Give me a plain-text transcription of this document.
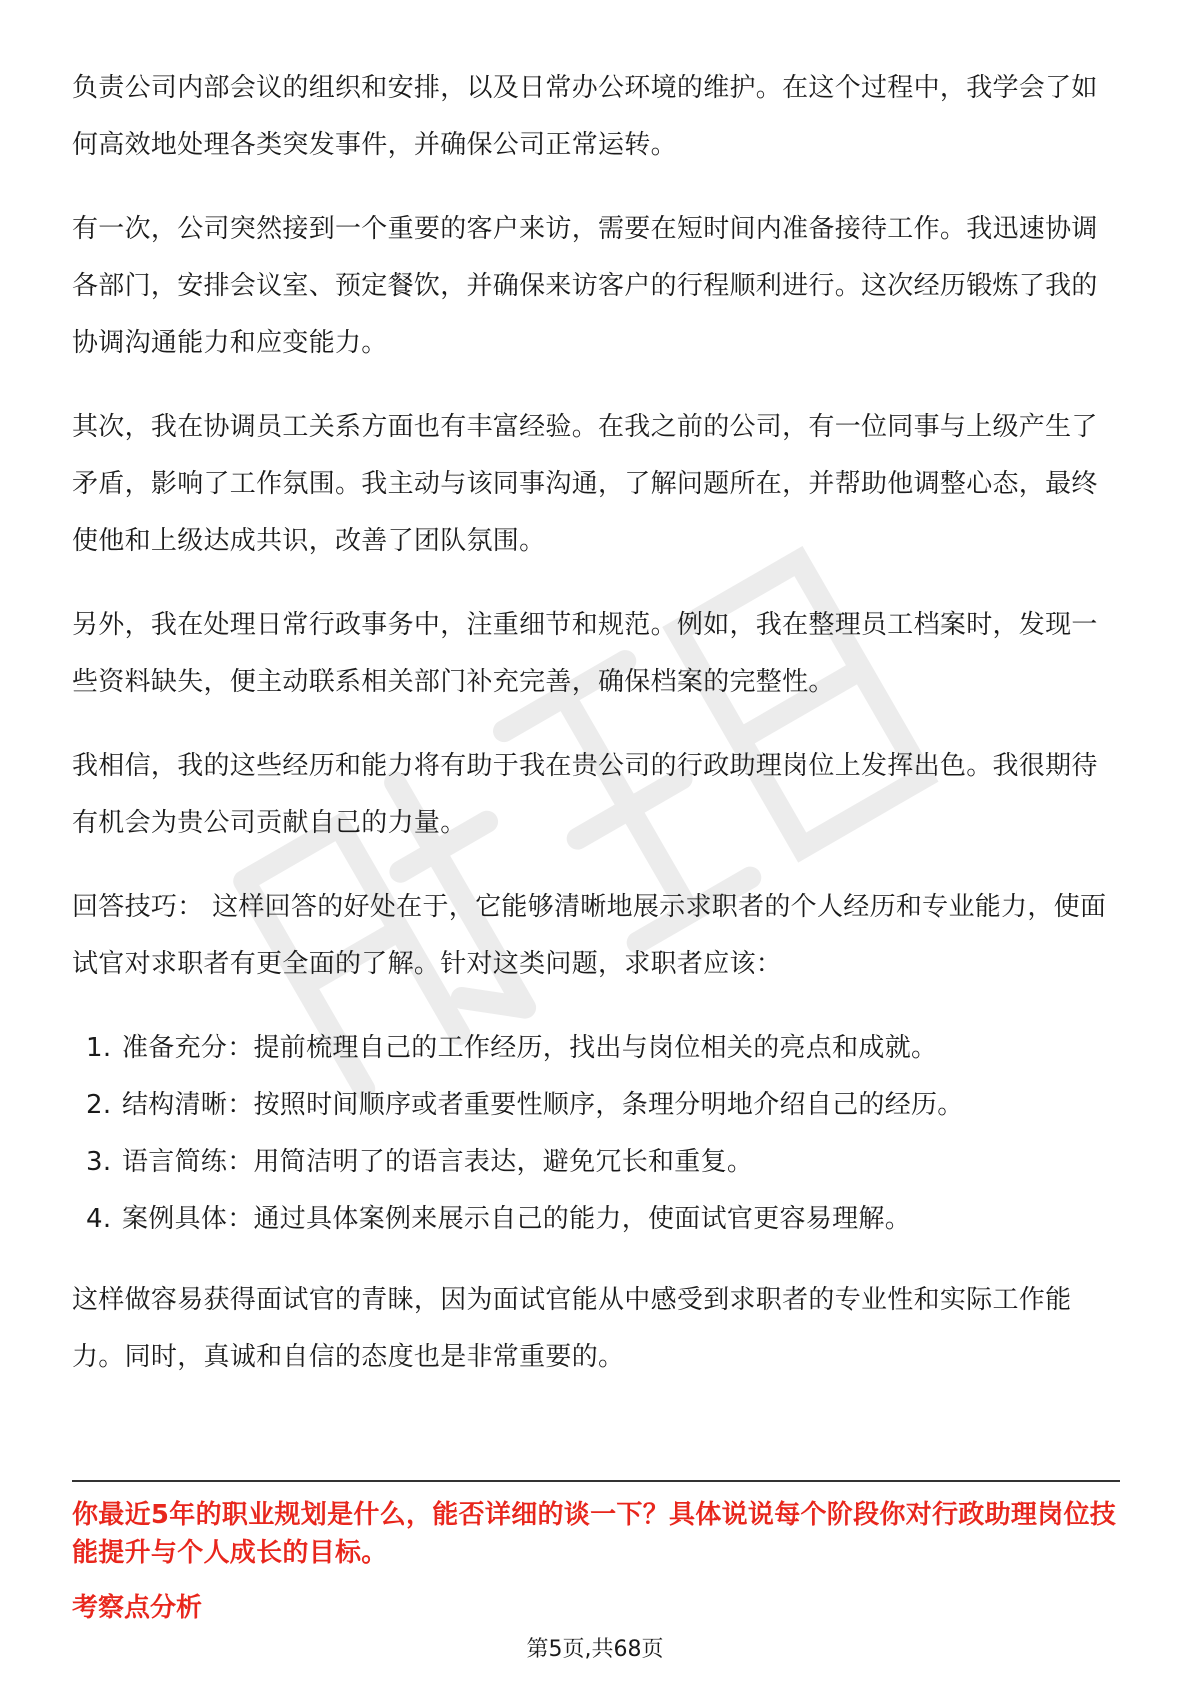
负责公司内部会议的组织和安排，以及日常办公环境的维护。在这个过程中，我学会了如何高效地处理各类突发事件，并确保公司正常运转。

有一次，公司突然接到一个重要的客户来访，需要在短时间内准备接待工作。我迅速协调各部门，安排会议室、预定餐饮，并确保来访客户的行程顺利进行。这次经历锻炼了我的协调沟通能力和应变能力。

其次，我在协调员工关系方面也有丰富经验。在我之前的公司，有一位同事与上级产生了矛盾，影响了工作氛围。我主动与该同事沟通，了解问题所在，并帮助他调整心态，最终使他和上级达成共识，改善了团队氛围。

另外，我在处理日常行政事务中，注重细节和规范。例如，我在整理员工档案时，发现一些资料缺失，便主动联系相关部门补充完善，确保档案的完整性。

我相信，我的这些经历和能力将有助于我在贵公司的行政助理岗位上发挥出色。我很期待有机会为贵公司贡献自己的力量。

回答技巧： 这样回答的好处在于，它能够清晰地展示求职者的个人经历和专业能力，使面试官对求职者有更全面的了解。针对这类问题，求职者应该：

1. 准备充分：提前梳理自己的工作经历，找出与岗位相关的亮点和成就。
2. 结构清晰：按照时间顺序或者重要性顺序，条理分明地介绍自己的经历。
3. 语言简练：用简洁明了的语言表达，避免冗长和重复。
4. 案例具体：通过具体案例来展示自己的能力，使面试官更容易理解。

这样做容易获得面试官的青睐，因为面试官能从中感受到求职者的专业性和实际工作能力。同时，真诚和自信的态度也是非常重要的。

你最近5年的职业规划是什么，能否详细的谈一下？具体说说每个阶段你对行政助理岗位技能提升与个人成长的目标。

考察点分析

第5页,共68页
